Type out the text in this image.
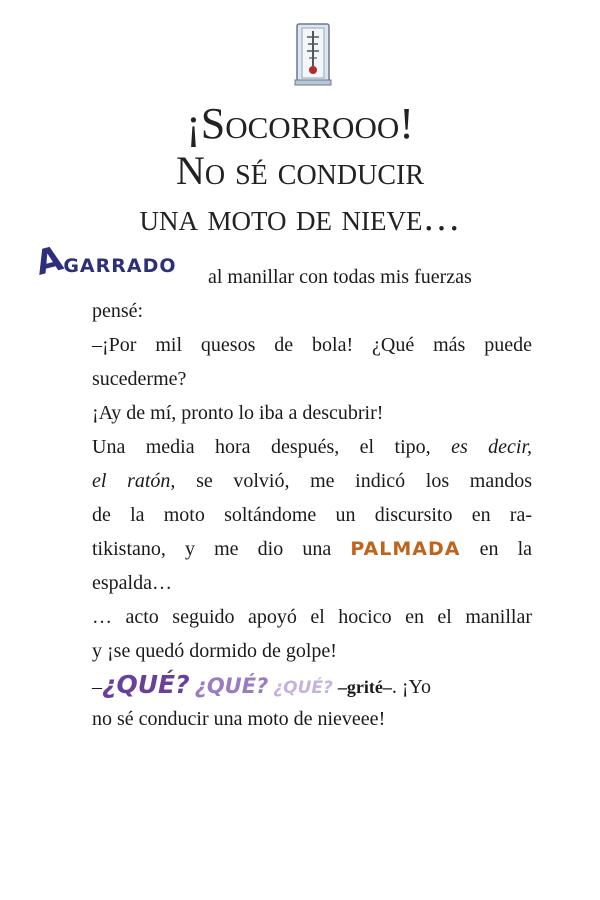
¡Socorrooo!
No sé conducir
una moto de nieve…
AGARRADO al manillar con todas mis fuerzas
pensé:
–¡Por mil quesos de bola! ¿Qué más puede
sucederme?
¡Ay de mí, pronto lo iba a descubrir!
Una media hora después, el tipo, es decir,
el ratón, se volvió, me indicó los mandos
de la moto soltándome un discursito en ra-
tikistano, y me dio una PALMADA en la
espalda…
… acto seguido apoyó el hocico en el manillar
y ¡se quedó dormido de golpe!
–¿QUÉ? ¿QUÉ? ¿QUÉ? –grité–. ¡Yo
no sé conducir una moto de nieveee!
